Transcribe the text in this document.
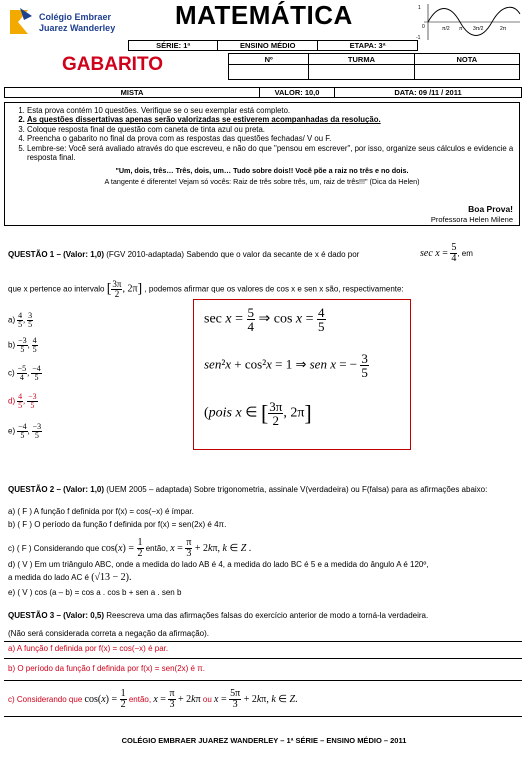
Colégio Embraer
Juarez Wanderley MATEMÁTICA	1
0	π/2 π 3π/2	2π
-1
SÉRIE: 1ª	ENSINO MÉDIO	ETAPA: 3ª
GABARITO	Nº	TURMA	NOTA

MISTA	VALOR: 10,0	DATA: 09 /11 / 2011
1. Esta prova contém 10 questões. Verifique se o seu exemplar está completo.
2. As questões dissertativas apenas serão valorizadas se estiverem acompanhadas da resolução.
3. Coloque resposta final de questão com caneta de tinta azul ou preta.
4. Preencha o gabarito no final da prova com as respostas das questões fechadas/ V ou F.
5. Lembre-se: Você será avaliado através do que escreveu, e não do que "pensou em escrever", por isso, organize seus cálculos e evidencie a resposta final.
"Um, dois, três… Três, dois, um… Tudo sobre dois!! Você põe a raiz no três e no dois.
A tangente é diferente! Vejam só vocês: Raiz de três sobre três, um, raiz de três!!!" (Dica da Helen)
Boa Prova!
Professora Helen Milene
QUESTÃO 1 – (Valor: 1,0) (FGV 2010-adaptada) Sabendo que o valor da secante de x é dado por	$\sec x = \frac{5}{4}$ , em
que x pertence ao intervalo [ $\frac{3\pi}{2}$ , 2π] , podemos afirmar que os valores de cos x e sen x são, respectivamente:
$a) \frac{4}{5}$ , $\frac{3}{5}$
$b) \frac{-3}{5}$ , $\frac{4}{5}$
$c) \frac{-5}{4}$ , $\frac{-4}{5}$
$d) \frac{4}{5}$ , $\frac{-3}{5}$
$e) \frac{-4}{5}$ , $\frac{-3}{5}$
$\sec x = \frac{5}{4}$ ⇒ $\cos x = \frac{4}{5}$
sen²x + cos²x = 1 ⇒ sen x = − $\frac{3}{5}$
(pois x ∈ [ $\frac{3\pi}{2}$ , 2π]
QUESTÃO 2 – (Valor: 1,0) (UEM 2005 – adaptada) Sobre trigonometria, assinale V(verdadeira) ou F(falsa) para as afirmações abaixo:
a) ( F ) A função f definida por f(x) = cos(−x) é ímpar.
b) ( F ) O período da função f definida por f(x) = sen(2x) é 4π.
c) ( F ) Considerando que $\cos(x) = \frac{1}{2}$ então, $x = \frac{\pi}{3} + 2k\pi$, k ∈ Z .
d) ( V ) Em um triângulo ABC, onde a medida do lado AB é 4, a medida do lado BC é 5 e a medida do ângulo A é 120º,
a medida do lado AC é (√13 − 2).
e) ( V ) cos (a – b) = cos a . cos b + sen a . sen b
QUESTÃO 3 – (Valor: 0,5) Reescreva uma das afirmações falsas do exercício anterior de modo a torná-la verdadeira.
(Não será considerada correta a negação da afirmação).
a) A função f definida por f(x) = cos(−x) é par.
b) O período da função f definida por f(x) = sen(2x) é π.
c) Considerando que $\cos(x) = \frac{1}{2}$ então, $x = \frac{\pi}{3} + 2k\pi$ ou $x = \frac{5\pi}{3} + 2k\pi$, k ∈ Z.
COLÉGIO EMBRAER JUAREZ WANDERLEY – 1ª SÉRIE – ENSINO MÉDIO – 2011
